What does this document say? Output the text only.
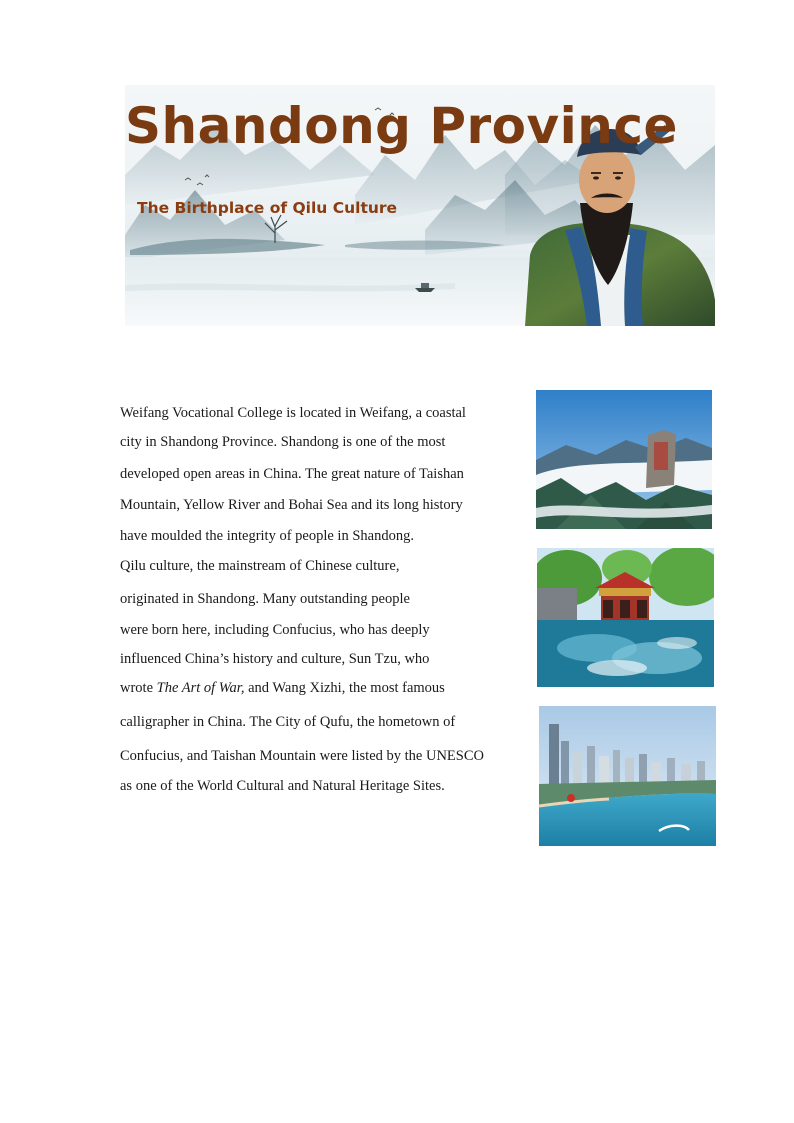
Shandong Province
The Birthplace of Qilu Culture
Weifang Vocational College is located in Weifang, a coastal
city in Shandong Province. Shandong is one of the most
developed open areas in China. The great nature of Taishan
Mountain, Yellow River and Bohai Sea and its long history
have moulded the integrity of people in Shandong.
Qilu culture, the mainstream of Chinese culture,
originated in Shandong. Many outstanding people
were born here, including Confucius, who has deeply
influenced China’s history and culture, Sun Tzu, who
wrote The Art of War, and Wang Xizhi, the most famous
calligrapher in China. The City of Qufu, the hometown of
Confucius, and Taishan Mountain were listed by the UNESCO
as one of the World Cultural and Natural Heritage Sites.
